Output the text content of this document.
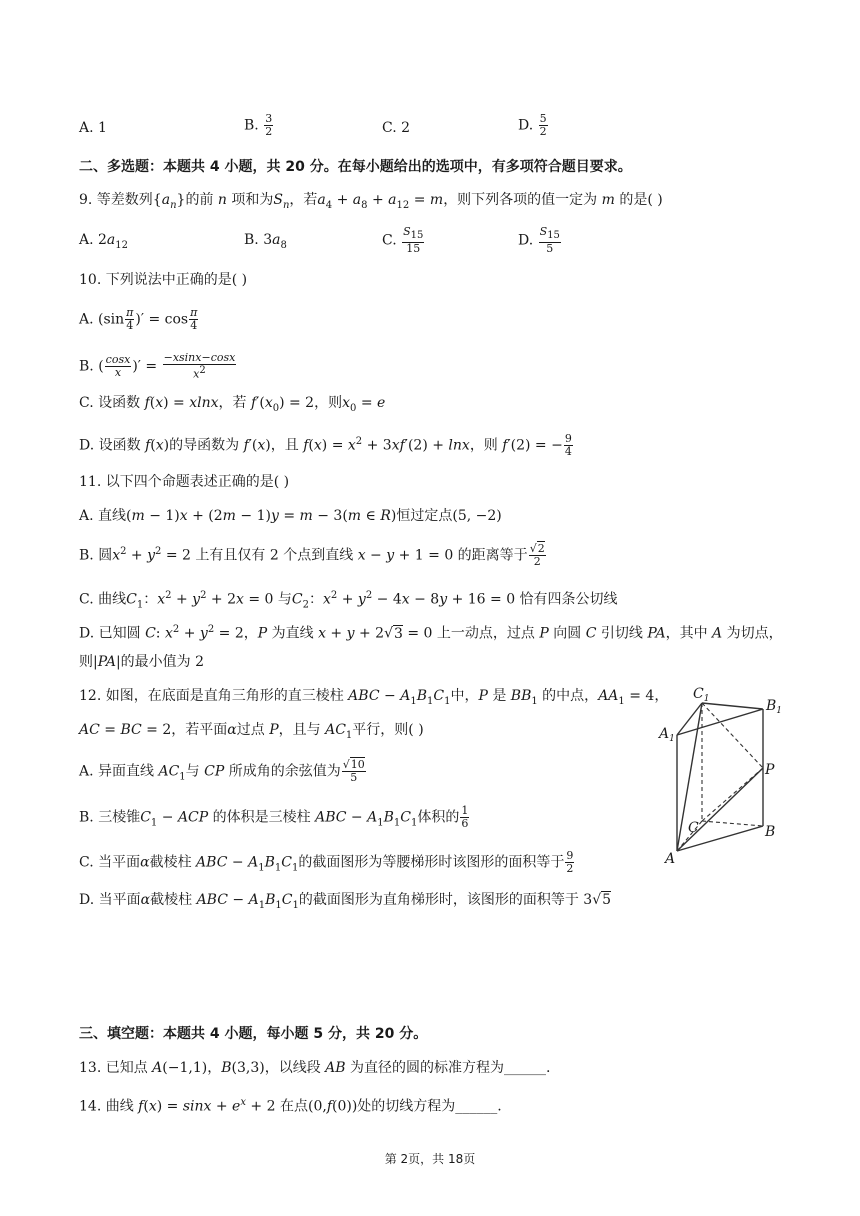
A. 1	B. $\frac{3}{2}$	C. 2	D. $\frac{5}{2}$
二、多选题：本题共 4 小题，共 20 分。在每小题给出的选项中，有多项符合题目要求。
9. 等差数列$\{a_n\}$的前 n 项和为$S_n$，若$a_4 + a_8 + a_{12} = m$，则下列各项的值一定为 m 的是( )
A. $2a_{12}$	B. $3a_8$	C. $\frac{S_{15}}{15}$	D. $\frac{S_{15}}{5}$
10. 下列说法中正确的是( )
A. ($\sin \frac{\pi}{4}$ )′ = $\cos \frac{\pi}{4}$
B. ( $\frac{\cos x}{x}$ )′ = $\frac{-xsinx-\cos x}{x^2}$
C. 设函数 f(x) = xlnx，若 $f'(x_0) = 2$，则$x_0 = e$
D. 设函数 f(x)的导函数为 f′(x)，且 $f(x) = x^2 + 3xf'(2) + \ln x$，则 f′(2) = − $\frac{9}{4}$
11. 以下四个命题表述正确的是( )
A. 直线(m − 1)x + (2m − 1)y = m − 3(m ∈ R)恒过定点(5, −2)
B. 圆$x^2 + y^2 = 2$ 上有且仅有 2 个点到直线 x − y + 1 = 0 的距离等于 $\frac{√2}{2}$
C. 曲线$C_1$：$x^2 + y^2 + 2x = 0$ 与$C_2$：$x^2 + y^2 - 4x - 8y + 16 = 0$ 恰有四条公切线
D. 已知圆 C: $x^2 + y^2 = 2$，P 为直线 x + y + 2√3 = 0 上一动点，过点 P 向圆 C 引切线 PA，其中 A 为切点，
则|PA|的最小值为 2
12. 如图，在底面是直角三角形的直三棱柱 ABC − $A_1B_1C_1$中，P 是 $BB_1$ 的中点，$AA_1 = 4$，
AC = BC = 2，若平面α过点 P，且与 $AC_1$平行，则( )
A. 异面直线 $AC_1$与 CP 所成角的余弦值为 $\frac{√10}{5}$
B. 三棱锥$C_1$ − ACP 的体积是三棱柱 ABC − $A_1B_1C_1$体积的 $\frac{1}{6}$
C. 当平面α截棱柱 ABC − $A_1B_1C_1$的截面图形为等腰梯形时该图形的面积等于 $\frac{9}{2}$
D. 当平面α截棱柱 ABC − $A_1B_1C_1$的截面图形为直角梯形时，该图形的面积等于 3√5
$C_1$	$B_1$
$A_1$
P
C	B
A
三、填空题：本题共 4 小题，每小题 5 分，共 20 分。
13. 已知点 A(−1,1)，B(3,3)，以线段 AB 为直径的圆的标准方程为______.
14. 曲线 $f(x) = \sin x + e^x + 2$ 在点(0,f(0))处的切线方程为______.
第 2页，共 18页
